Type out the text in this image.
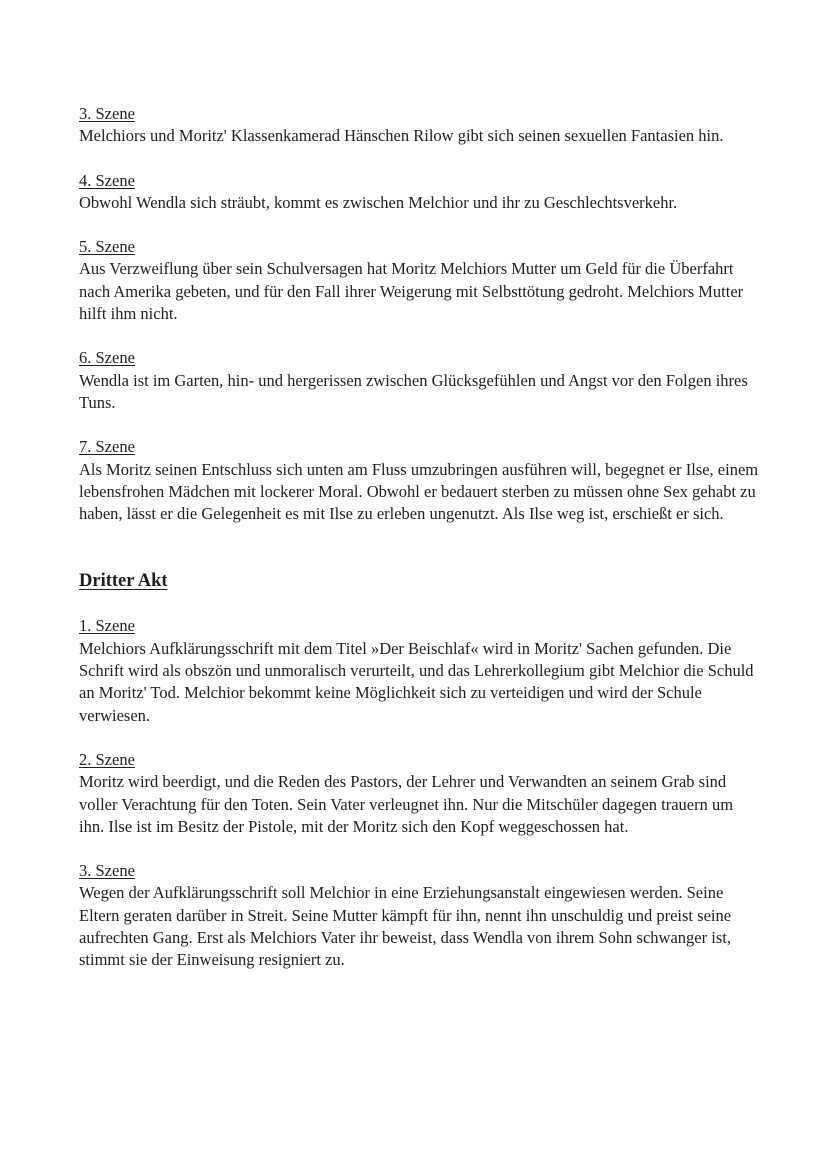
3. Szene

Melchiors und Moritz' Klassenkamerad Hänschen Rilow gibt sich seinen sexuellen Fantasien hin.

4. Szene

Obwohl Wendla sich sträubt, kommt es zwischen Melchior und ihr zu Geschlechtsverkehr.

5. Szene

Aus Verzweiflung über sein Schulversagen hat Moritz Melchiors Mutter um Geld für die Überfahrt nach Amerika gebeten, und für den Fall ihrer Weigerung mit Selbsttötung gedroht. Melchiors Mutter hilft ihm nicht.

6. Szene

Wendla ist im Garten, hin- und hergerissen zwischen Glücksgefühlen und Angst vor den Folgen ihres Tuns.

7. Szene

Als Moritz seinen Entschluss sich unten am Fluss umzubringen ausführen will, begegnet er Ilse, einem lebensfrohen Mädchen mit lockerer Moral. Obwohl er bedauert sterben zu müssen ohne Sex gehabt zu haben, lässt er die Gelegenheit es mit Ilse zu erleben ungenutzt. Als Ilse weg ist, erschießt er sich.

Dritter Akt
1. Szene

Melchiors Aufklärungsschrift mit dem Titel »Der Beischlaf« wird in Moritz' Sachen gefunden. Die Schrift wird als obszön und unmoralisch verurteilt, und das Lehrerkollegium gibt Melchior die Schuld an Moritz' Tod. Melchior bekommt keine Möglichkeit sich zu verteidigen und wird der Schule verwiesen.

2. Szene

Moritz wird beerdigt, und die Reden des Pastors, der Lehrer und Verwandten an seinem Grab sind voller Verachtung für den Toten. Sein Vater verleugnet ihn. Nur die Mitschüler dagegen trauern um ihn. Ilse ist im Besitz der Pistole, mit der Moritz sich den Kopf weggeschossen hat.

3. Szene

Wegen der Aufklärungsschrift soll Melchior in eine Erziehungsanstalt eingewiesen werden. Seine Eltern geraten darüber in Streit. Seine Mutter kämpft für ihn, nennt ihn unschuldig und preist seine aufrechten Gang. Erst als Melchiors Vater ihr beweist, dass Wendla von ihrem Sohn schwanger ist, stimmt sie der Einweisung resigniert zu.
